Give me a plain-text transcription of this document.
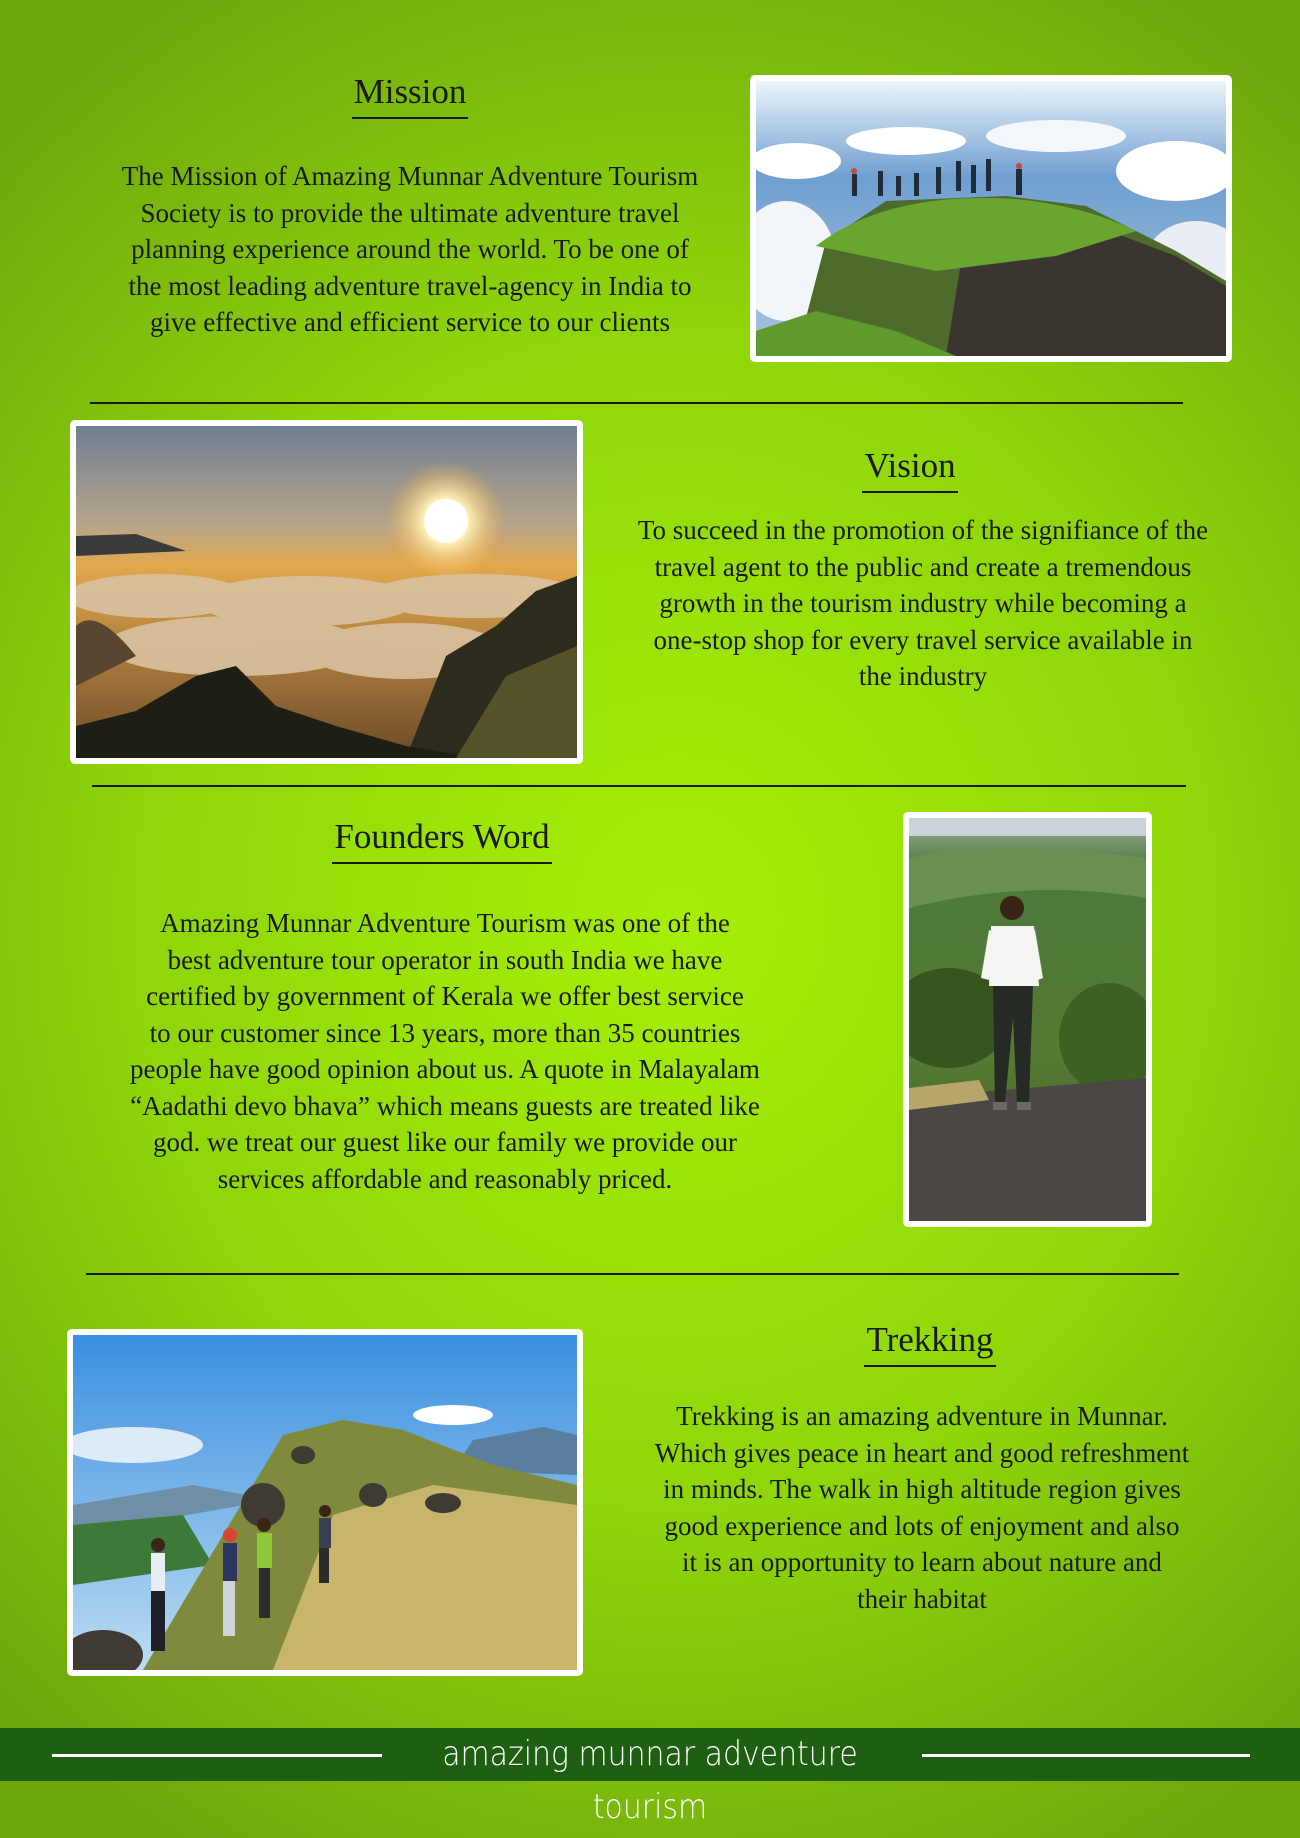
Mission
The Mission of Amazing Munnar Adventure Tourism
Society is to provide the ultimate adventure travel
planning experience around the world. To be one of
the most leading adventure travel-agency in India to
give effective and efficient service to our clients
Vision
To succeed in the promotion of the signifiance of the
travel agent to the public and create a tremendous
growth in the tourism industry while becoming a
one-stop shop for every travel service available in
the industry
Founders Word
Amazing Munnar Adventure Tourism was one of the
best adventure tour operator in south India we have
certified by government of Kerala we offer best service
to our customer since 13 years, more than 35 countries
people have good opinion about us. A quote in Malayalam
“Aadathi devo bhava” which means guests are treated like
god. we treat our guest like our family we provide our
services affordable and reasonably priced.
Trekking
Trekking is an amazing adventure in Munnar.
Which gives peace in heart and good refreshment
in minds. The walk in high altitude region gives
good experience and lots of enjoyment and also
it is an opportunity to learn about nature and
their habitat
amazing munnar adventure tourism
